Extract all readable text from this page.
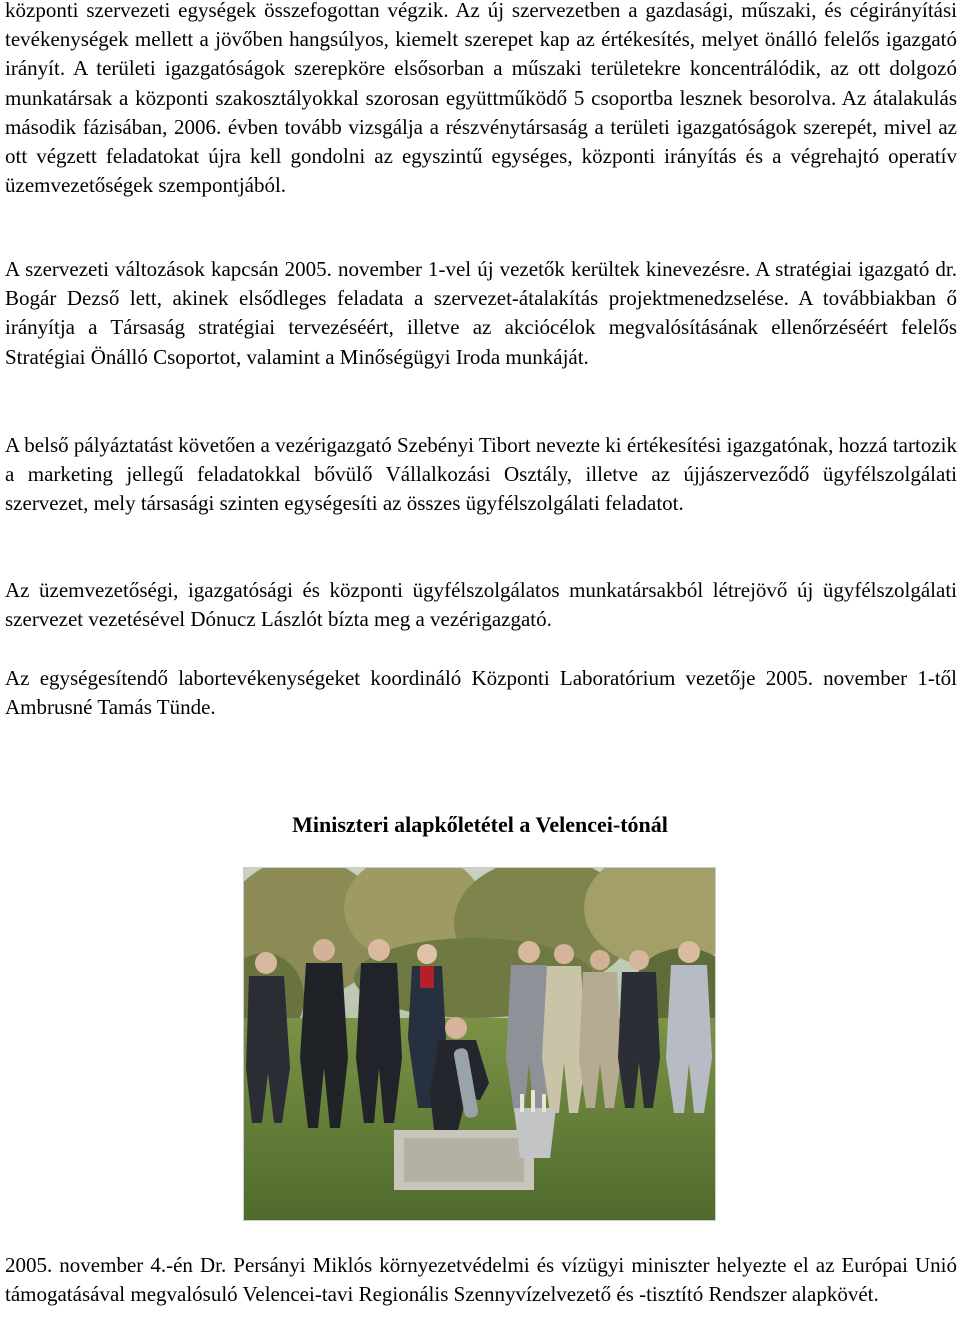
központi szervezeti egységek összefogottan végzik. Az új szervezetben a gazdasági, műszaki, és cégirányítási tevékenységek mellett a jövőben hangsúlyos, kiemelt szerepet kap az értékesítés, melyet önálló felelős igazgató irányít. A területi igazgatóságok szerepköre elsősorban a műszaki területekre koncentrálódik, az ott dolgozó munkatársak a központi szakosztályokkal szorosan együttműködő 5 csoportba lesznek besorolva. Az átalakulás második fázisában, 2006. évben tovább vizsgálja a részvénytársaság a területi igazgatóságok szerepét, mivel az ott végzett feladatokat újra kell gondolni az egyszintű egységes, központi irányítás és a végrehajtó operatív üzemvezetőségek szempontjából.

A szervezeti változások kapcsán 2005. november 1-vel új vezetők kerültek kinevezésre. A stratégiai igazgató dr. Bogár Dezső lett, akinek elsődleges feladata a szervezet-átalakítás projektmenedzselése. A továbbiakban ő irányítja a Társaság stratégiai tervezéséért, illetve az akciócélok megvalósításának ellenőrzéséért felelős Stratégiai Önálló Csoportot, valamint a Minőségügyi Iroda munkáját.

A belső pályáztatást követően a vezérigazgató Szebényi Tibort nevezte ki értékesítési igazgatónak, hozzá tartozik a marketing jellegű feladatokkal bővülő Vállalkozási Osztály, illetve az újjászerveződő ügyfélszolgálati szervezet, mely társasági szinten egységesíti az összes ügyfélszolgálati feladatot.

Az üzemvezetőségi, igazgatósági és központi ügyfélszolgálatos munkatársakból létrejövő új ügyfélszolgálati szervezet vezetésével Dónucz Lászlót bízta meg a vezérigazgató.

Az egységesítendő labortevékenységeket koordináló Központi Laboratórium vezetője 2005. november 1-től Ambrusné Tamás Tünde.

Miniszteri alapkőletétel a Velencei-tónál

2005. november 4.-én Dr. Persányi Miklós környezetvédelmi és vízügyi miniszter helyezte el az Európai Unió támogatásával megvalósuló Velencei-tavi Regionális Szennyvízelvezető és -tisztító Rendszer alapkövét.
